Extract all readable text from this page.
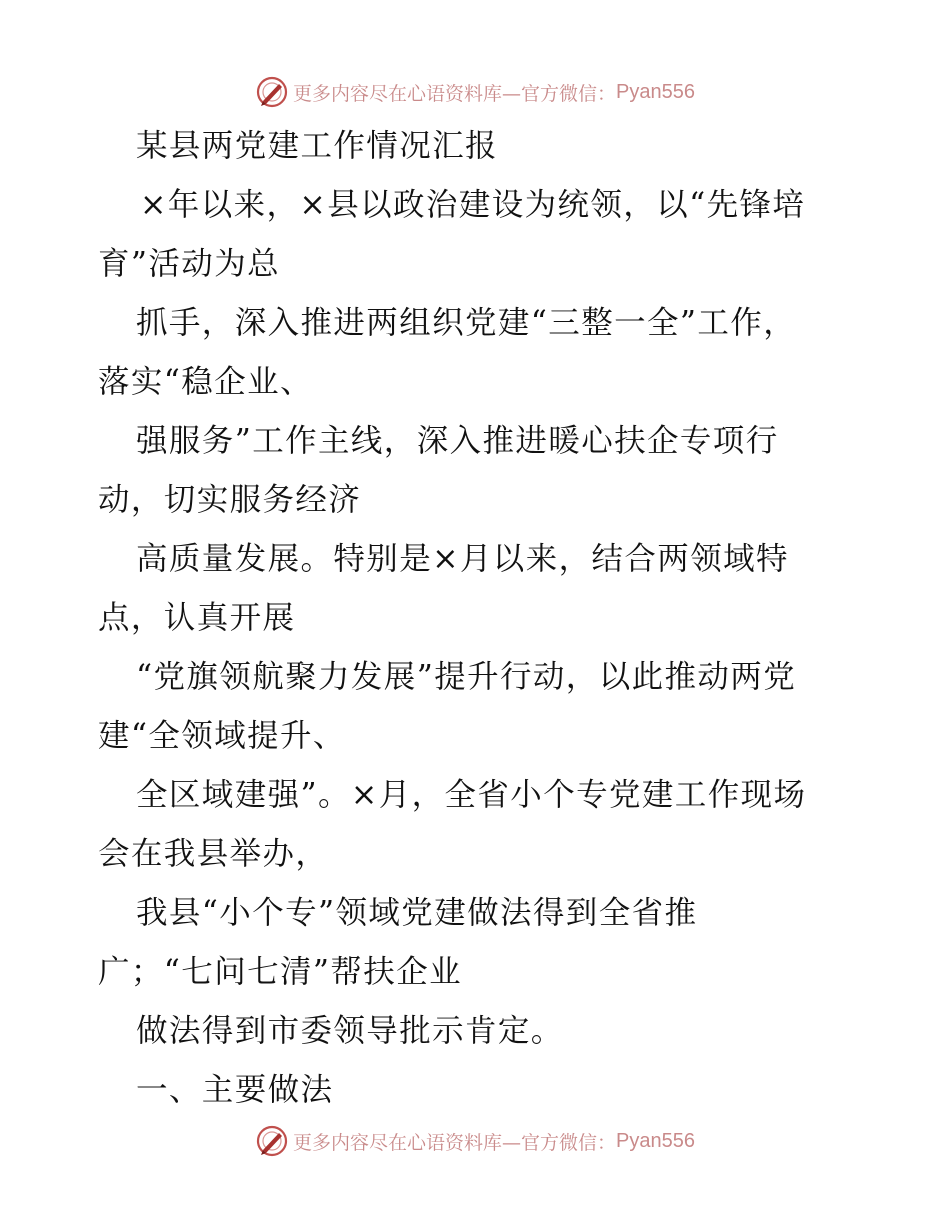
更多内容尽在心语资料库—官方微信： Pyan556
某县两党建工作情况汇报
×年以来，×县以政治建设为统领，以“先锋培
育”活动为总
抓手，深入推进两组织党建“三整一全”工作，
落实“稳企业、
强服务”工作主线，深入推进暖心扶企专项行
动，切实服务经济
高质量发展。特别是×月以来，结合两领域特
点，认真开展
“党旗领航聚力发展”提升行动，以此推动两党
建“全领域提升、
全区域建强”。×月，全省小个专党建工作现场
会在我县举办，
我县“小个专”领域党建做法得到全省推
广；“七问七清”帮扶企业
做法得到市委领导批示肯定。
一、主要做法
更多内容尽在心语资料库—官方微信： Pyan556
